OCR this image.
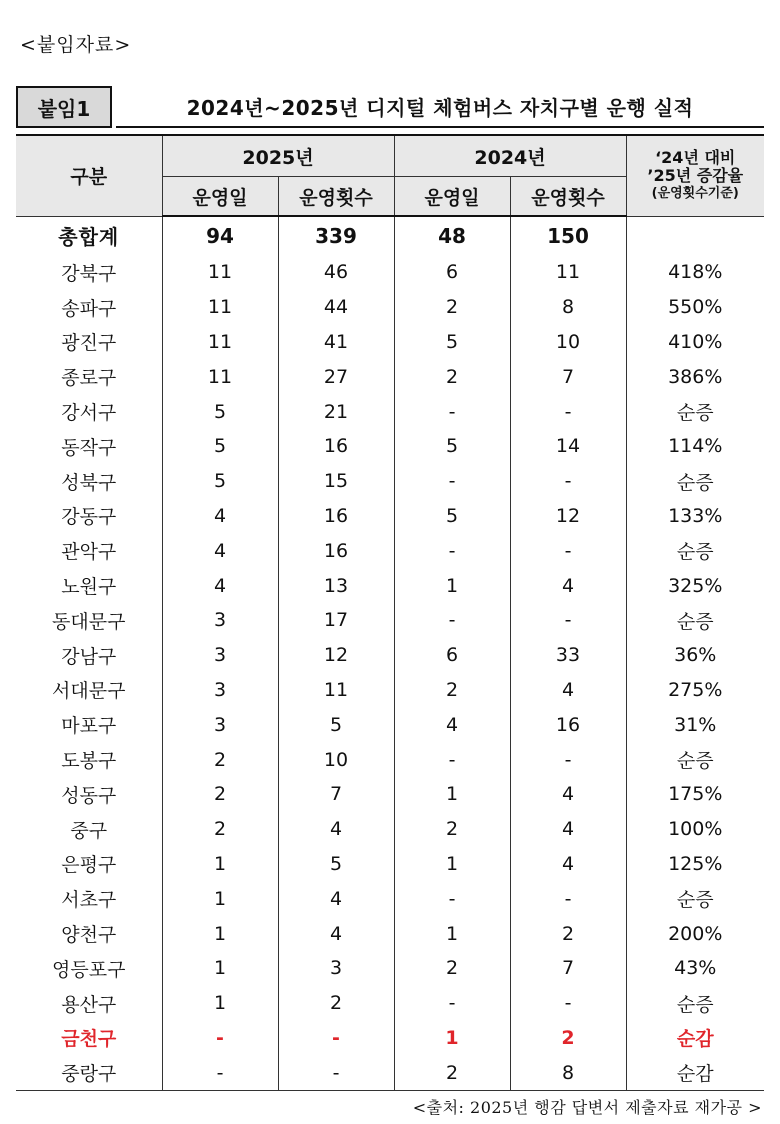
<붙임자료>
붙임1	2024년~2025년 디지털 체험버스 자치구별 운행 실적
구분	2025년		2024년		‘24년 대비
’25년 증감율
(운영횟수기준)

	운영일	운영횟수	운영일	운영횟수	
총합계	94	339	48	150	
강북구	11	46	6	11	418%
송파구	11	44	2	8	550%
광진구	11	41	5	10	410%
종로구	11	27	2	7	386%
강서구	5	21	-	-	순증
동작구	5	16	5	14	114%
성북구	5	15	-	-	순증
강동구	4	16	5	12	133%
관악구	4	16	-	-	순증
노원구	4	13	1	4	325%
동대문구	3	17	-	-	순증
강남구	3	12	6	33	36%
서대문구	3	11	2	4	275%
마포구	3	5	4	16	31%
도봉구	2	10	-	-	순증
성동구	2	7	1	4	175%
중구	2	4	2	4	100%
은평구	1	5	1	4	125%
서초구	1	4	-	-	순증
양천구	1	4	1	2	200%
영등포구	1	3	2	7	43%
용산구	1	2	-	-	순증
금천구	-	-	1	2	순감
중랑구	-	-	2	8	순감
<출처: 2025년 행감 답변서 제출자료 재가공 >
